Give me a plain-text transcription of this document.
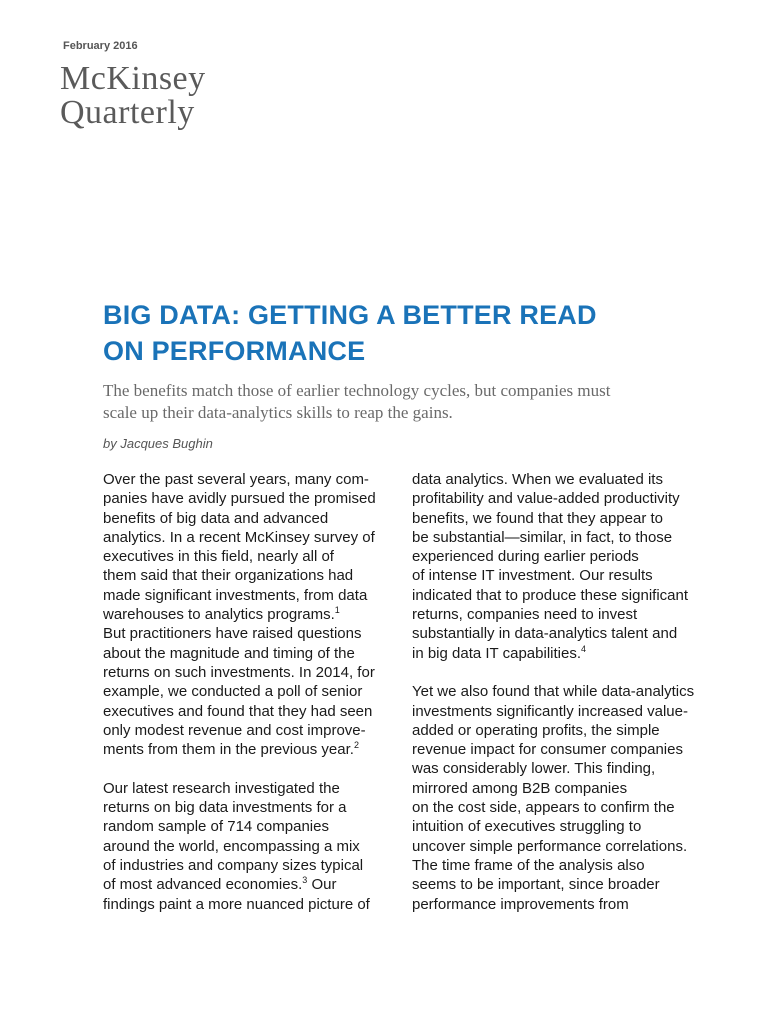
February 2016
McKinsey
Quarterly
BIG DATA: GETTING A BETTER READ
ON PERFORMANCE
The benefits match those of earlier technology cycles, but companies must
scale up their data-analytics skills to reap the gains.
by Jacques Bughin
Over the past several years, many com-
panies have avidly pursued the promised
benefits of big data and advanced
analytics. In a recent McKinsey survey of
executives in this field, nearly all of
them said that their organizations had
made significant investments, from data
warehouses to analytics programs.$^1$
But practitioners have raised questions
about the magnitude and timing of the
returns on such investments. In 2014, for
example, we conducted a poll of senior
executives and found that they had seen
only modest revenue and cost improve-
ments from them in the previous year.$^2$
Our latest research investigated the
returns on big data investments for a
random sample of 714 companies
around the world, encompassing a mix
of industries and company sizes typical
of most advanced economies.$^3$ Our
findings paint a more nuanced picture of
data analytics. When we evaluated its
profitability and value-added productivity
benefits, we found that they appear to
be substantial—similar, in fact, to those
experienced during earlier periods
of intense IT investment. Our results
indicated that to produce these significant
returns, companies need to invest
substantially in data-analytics talent and
in big data IT capabilities.$^4$
Yet we also found that while data-analytics
investments significantly increased value-
added or operating profits, the simple
revenue impact for consumer companies
was considerably lower. This finding,
mirrored among B2B companies
on the cost side, appears to confirm the
intuition of executives struggling to
uncover simple performance correlations.
The time frame of the analysis also
seems to be important, since broader
performance improvements from
